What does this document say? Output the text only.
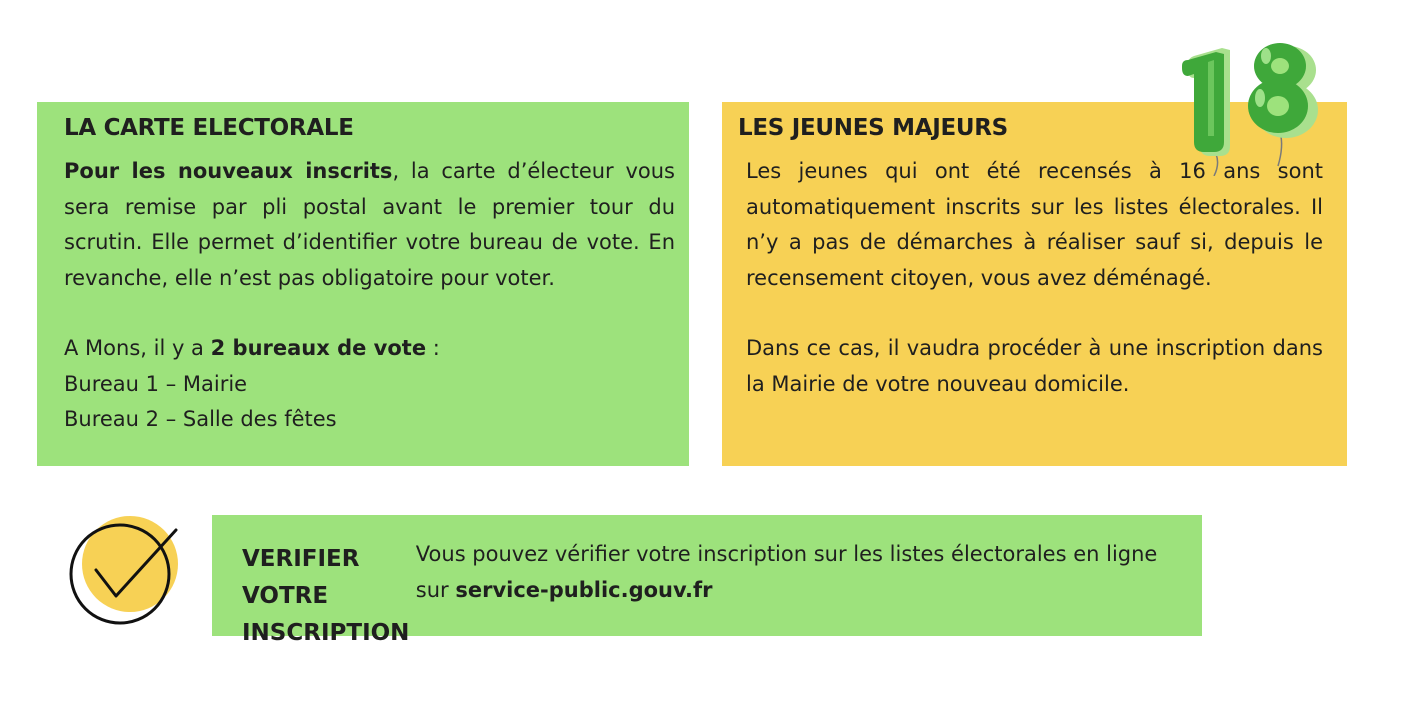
LA CARTE ELECTORALE

Pour les nouveaux inscrits, la carte d’électeur vous sera remise par pli postal avant le premier tour du scrutin. Elle permet d’identifier votre bureau de vote. En revanche, elle n’est pas obligatoire pour voter.

A Mons, il y a 2 bureaux de vote :

Bureau 1 – Mairie

Bureau 2 – Salle des fêtes

LES JEUNES MAJEURS

Les jeunes qui ont été recensés à 16 ans sont automatiquement inscrits sur les listes électorales. Il n’y a pas de démarches à réaliser sauf si, depuis le recensement citoyen, vous avez déménagé.

Dans ce cas, il vaudra procéder à une inscription dans la Mairie de votre nouveau domicile.

VERIFIER VOTRE
INSCRIPTION

Vous pouvez vérifier votre inscription sur les listes électorales en ligne sur service-public.gouv.fr
